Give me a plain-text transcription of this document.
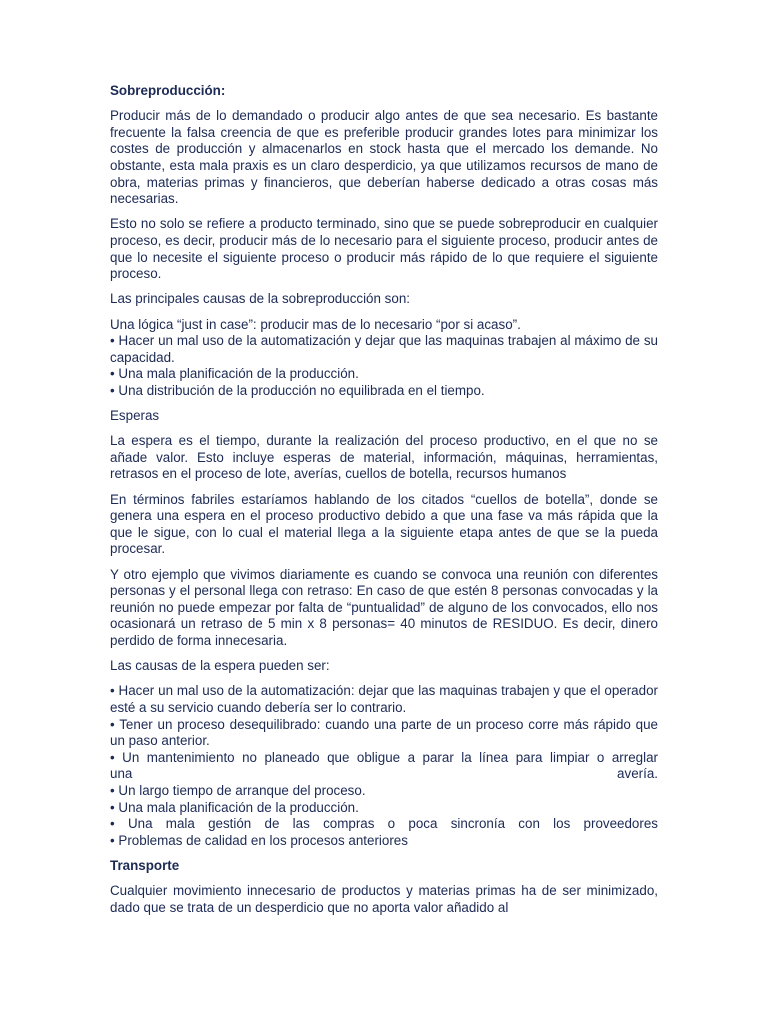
Sobreproducción:

Producir más de lo demandado o producir algo antes de que sea necesario. Es bastante frecuente la falsa creencia de que es preferible producir grandes lotes para minimizar los costes de producción y almacenarlos en stock hasta que el mercado los demande. No obstante, esta mala praxis es un claro desperdicio, ya que utilizamos recursos de mano de obra, materias primas y financieros, que deberían haberse dedicado a otras cosas más necesarias.

Esto no solo se refiere a producto terminado, sino que se puede sobreproducir en cualquier proceso, es decir, producir más de lo necesario para el siguiente proceso, producir antes de que lo necesite el siguiente proceso o producir más rápido de lo que requiere el siguiente proceso.

Las principales causas de la sobreproducción son:

Una lógica “just in case”: producir mas de lo necesario “por si acaso”.
• Hacer un mal uso de la automatización y dejar que las maquinas trabajen al máximo de su capacidad.
• Una mala planificación de la producción.
• Una distribución de la producción no equilibrada en el tiempo.

Esperas

La espera es el tiempo, durante la realización del proceso productivo, en el que no se añade valor. Esto incluye esperas de material, información, máquinas, herramientas, retrasos en el proceso de lote, averías, cuellos de botella, recursos humanos

En términos fabriles estaríamos hablando de los citados “cuellos de botella”, donde se genera una espera en el proceso productivo debido a que una fase va más rápida que la que le sigue, con lo cual el material llega a la siguiente etapa antes de que se la pueda procesar.

Y otro ejemplo que vivimos diariamente es cuando se convoca una reunión con diferentes personas y el personal llega con retraso: En caso de que estén 8 personas convocadas y la reunión no puede empezar por falta de “puntualidad” de alguno de los convocados, ello nos ocasionará un retraso de 5 min x 8 personas= 40 minutos de RESIDUO. Es decir, dinero perdido de forma innecesaria.

Las causas de la espera pueden ser:

• Hacer un mal uso de la automatización: dejar que las maquinas trabajen y que el operador esté a su servicio cuando debería ser lo contrario.
• Tener un proceso desequilibrado: cuando una parte de un proceso corre más rápido que un paso anterior.
• Un mantenimiento no planeado que obligue a parar la línea para limpiar o arreglar
una avería.
• Un largo tiempo de arranque del proceso.
• Una mala planificación de la producción.
• Una mala gestión de las compras o poca sincronía con los proveedores
• Problemas de calidad en los procesos anteriores
Transporte

Cualquier movimiento innecesario de productos y materias primas ha de ser minimizado, dado que se trata de un desperdicio que no aporta valor añadido al
